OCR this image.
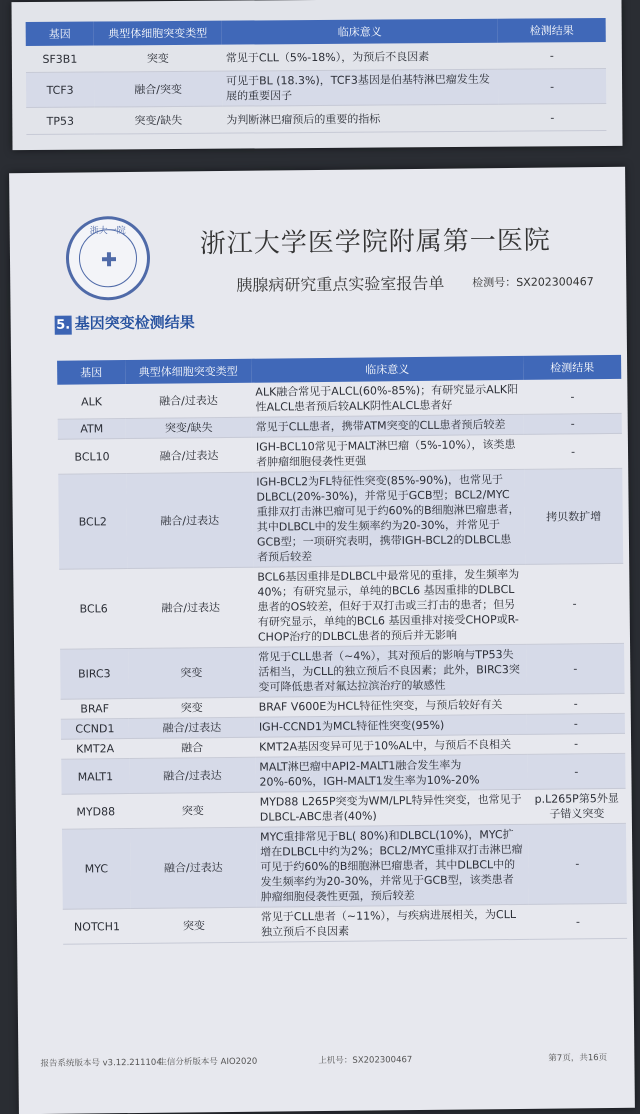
基因	典型体细胞突变类型	临床意义	检测结果
SF3B1	突变	常见于CLL（5%-18%），为预后不良因素	-
TCF3	融合/突变	可见于BL (18.3%)，TCF3基因是伯基特淋巴瘤发生发展的重要因子	-
TP53	突变/缺失	为判断淋巴瘤预后的重要的指标	-
浙大一院	浙江大学医学院附属第一医院
胰腺病研究重点实验室报告单	检测号：SX202300467
5. 基因突变检测结果
基因	典型体细胞突变类型	临床意义	检测结果
ALK	融合/过表达	ALK融合常见于ALCL(60%-85%)；有研究显示ALK阳性ALCL患者预后较ALK阴性ALCL患者好	-
ATM	突变/缺失	常见于CLL患者，携带ATM突变的CLL患者预后较差	-
BCL10	融合/过表达	IGH-BCL10常见于MALT淋巴瘤（5%-10%），该类患者肿瘤细胞侵袭性更强	-
BCL2	融合/过表达	IGH-BCL2为FL特征性突变(85%-90%)，也常见于DLBCL(20%-30%)，并常见于GCB型；BCL2/MYC重排双打击淋巴瘤可见于约60%的B细胞淋巴瘤患者，其中DLBCL中的发生频率约为20-30%，并常见于GCB型；一项研究表明，携带IGH-BCL2的DLBCL患者预后较差	拷贝数扩增
BCL6	融合/过表达	BCL6基因重排是DLBCL中最常见的重排，发生频率为40%；有研究显示，单纯的BCL6 基因重排的DLBCL患者的OS较差，但好于双打击或三打击的患者；但另有研究显示，单纯的BCL6 基因重排对接受CHOP或R-CHOP治疗的DLBCL患者的预后并无影响	-
BIRC3	突变	常见于CLL患者（~4%），其对预后的影响与TP53失活相当，为CLL的独立预后不良因素；此外，BIRC3突变可降低患者对氟达拉滨治疗的敏感性	-
BRAF	突变	BRAF V600E为HCL特征性突变，与预后较好有关	-
CCND1	融合/过表达	IGH-CCND1为MCL特征性突变(95%)	-
KMT2A	融合	KMT2A基因变异可见于10%AL中，与预后不良相关	-
MALT1	融合/过表达	MALT淋巴瘤中API2-MALT1融合发生率为20%-60%，IGH-MALT1发生率为10%-20%	-
MYD88	突变	MYD88 L265P突变为WM/LPL特异性突变，也常见于DLBCL-ABC患者(40%)	p.L265P第5外显子错义突变
MYC	融合/过表达	MYC重排常见于BL( 80%)和DLBCL(10%)，MYC扩增在DLBCL中约为2%；BCL2/MYC重排双打击淋巴瘤可见于约60%的B细胞淋巴瘤患者，其中DLBCL中的发生频率约为20-30%，并常见于GCB型，该类患者肿瘤细胞侵袭性更强，预后较差	-
NOTCH1	突变	常见于CLL患者（~11%），与疾病进展相关，为CLL独立预后不良因素	-
报告系统版本号 v3.12.211104
生信分析版本号 AIO2020	上机号：SX202300467	第7页，共16页
